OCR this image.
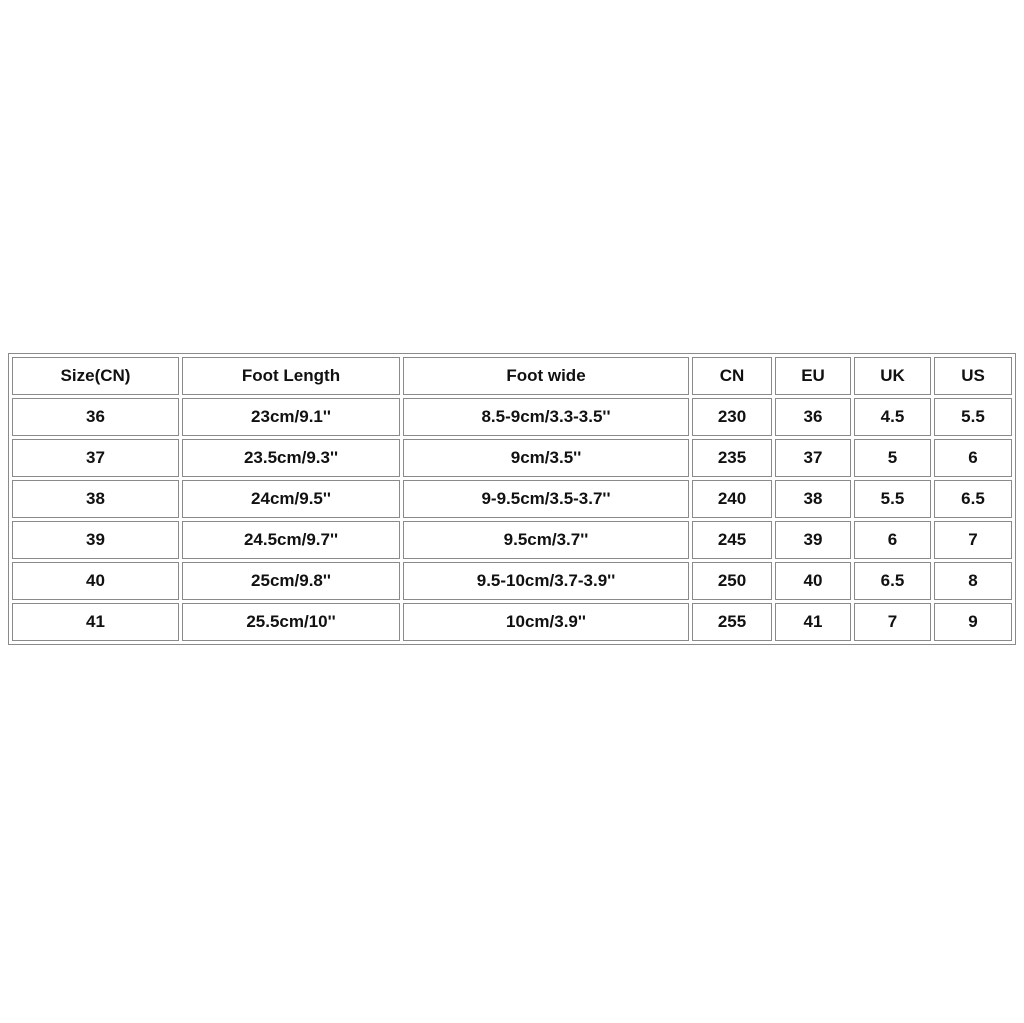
Size(CN)	Foot Length	Foot wide	CN	EU	UK	US
36	23cm/9.1''	8.5-9cm/3.3-3.5''	230	36	4.5	5.5
37	23.5cm/9.3''	9cm/3.5''	235	37	5	6
38	24cm/9.5''	9-9.5cm/3.5-3.7''	240	38	5.5	6.5
39	24.5cm/9.7''	9.5cm/3.7''	245	39	6	7
40	25cm/9.8''	9.5-10cm/3.7-3.9''	250	40	6.5	8
41	25.5cm/10''	10cm/3.9''	255	41	7	9
